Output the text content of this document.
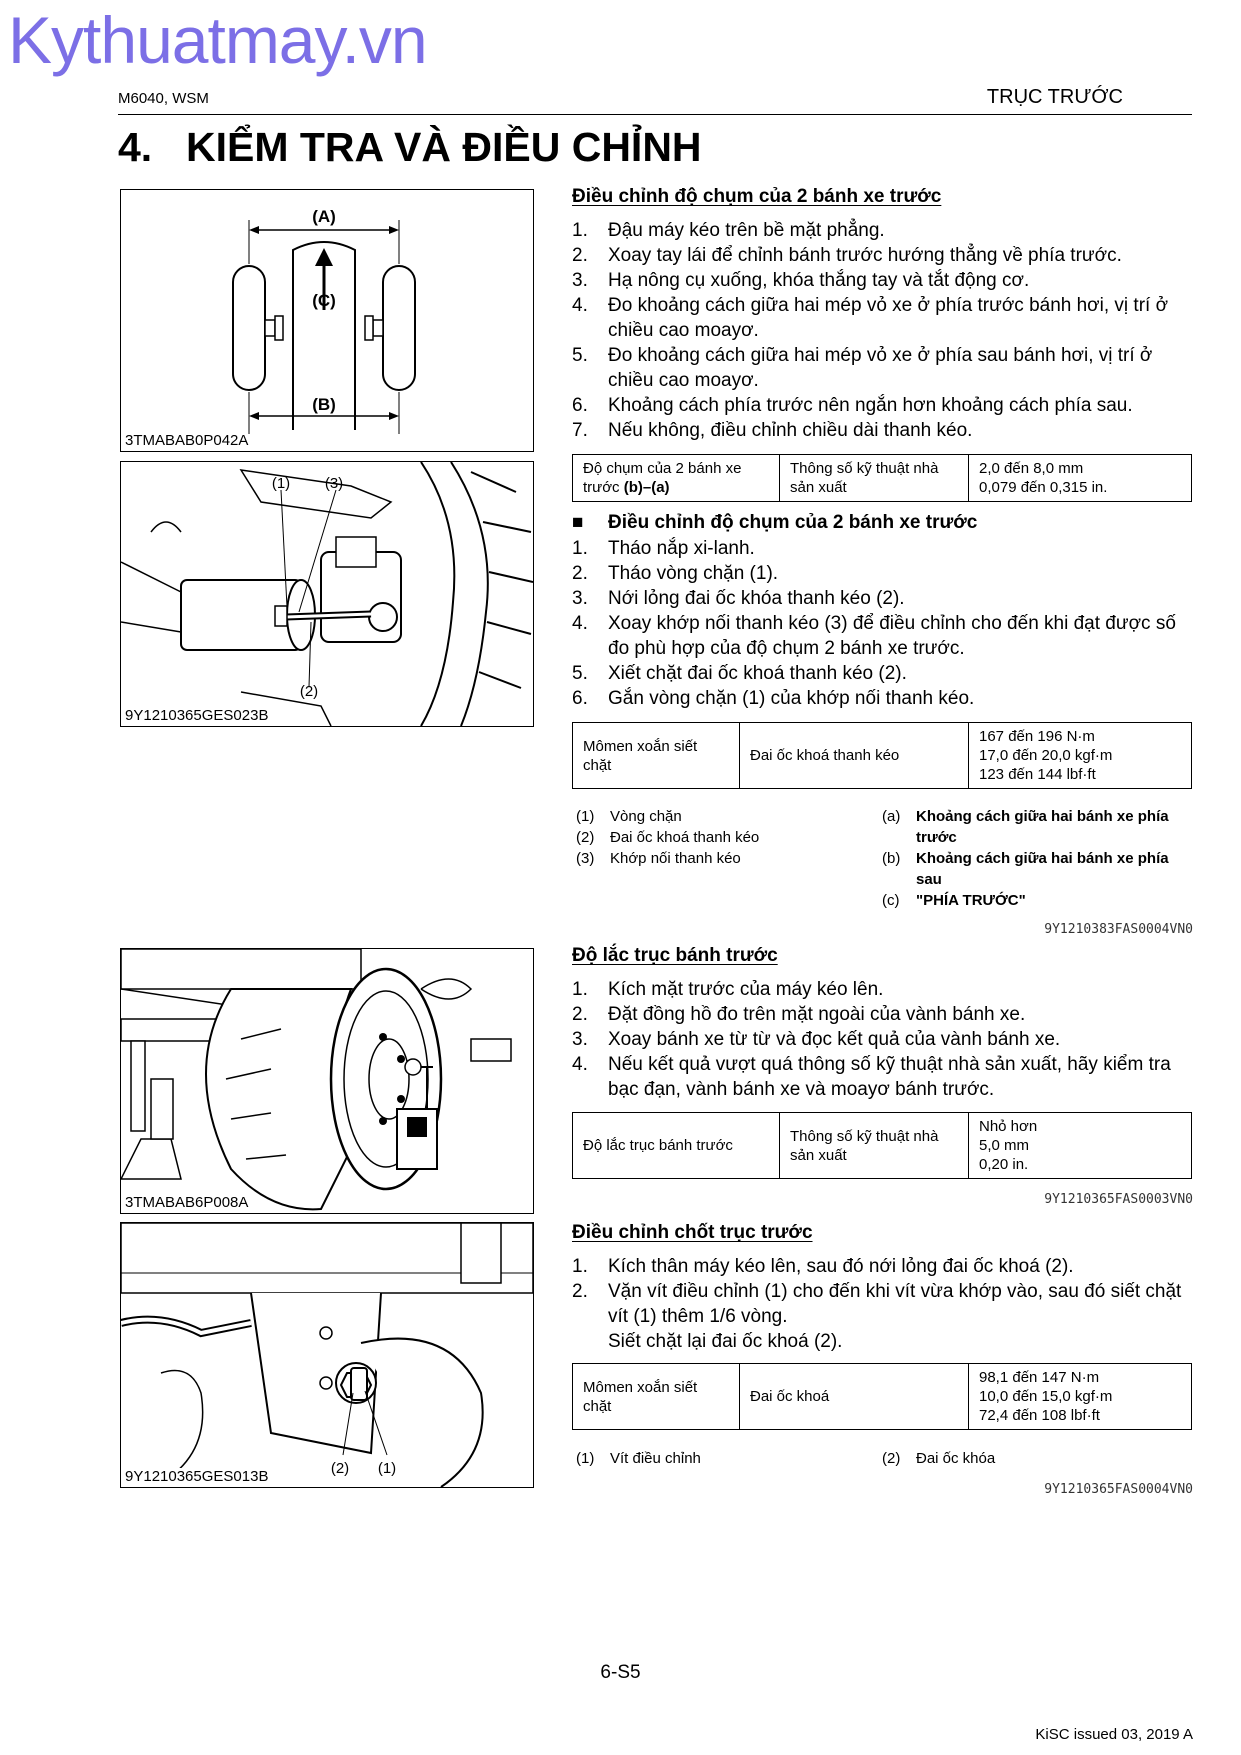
Kythuatmay.vn
M6040, WSM	TRỤC TRƯỚC
4. KIỂM TRA VÀ ĐIỀU CHỈNH
(A)
(C)
(B)
3TMABAB0P042A
(1) (3)
(2)
9Y1210365GES023B
3TMABAB6P008A
(2) (1)
9Y1210365GES013B
Điều chỉnh độ chụm của 2 bánh xe trước
1.	Đậu máy kéo trên bề mặt phẳng.
2.	Xoay tay lái để chỉnh bánh trước hướng thẳng về phía trước.
3.	Hạ nông cụ xuống, khóa thắng tay và tắt động cơ.
4.	Đo khoảng cách giữa hai mép vỏ xe ở phía trước bánh hơi, vị trí ở chiều cao moayơ.
5.	Đo khoảng cách giữa hai mép vỏ xe ở phía sau bánh hơi, vị trí ở chiều cao moayơ.
6.	Khoảng cách phía trước nên ngắn hơn khoảng cách phía sau.
7.	Nếu không, điều chỉnh chiều dài thanh kéo.
Độ chụm của 2 bánh xe trước (b)–(a)	Thông số kỹ thuật nhà sản xuất	2,0 đến 8,0 mm
0,079 đến 0,315 in.
■	Điều chỉnh độ chụm của 2 bánh xe trước
1.	Tháo nắp xi-lanh.
2.	Tháo vòng chặn (1).
3.	Nới lỏng đai ốc khóa thanh kéo (2).
4.	Xoay khớp nối thanh kéo (3) để điều chỉnh cho đến khi đạt được số đo phù hợp của độ chụm 2 bánh xe trước.
5.	Xiết chặt đai ốc khoá thanh kéo (2).
6.	Gắn vòng chặn (1) của khớp nối thanh kéo.
Mômen xoắn siết chặt	Đai ốc khoá thanh kéo	167 đến 196 N·m
17,0 đến 20,0 kgf·m
123 đến 144 lbf·ft
(1)	Vòng chặn
(2)	Đai ốc khoá thanh kéo
(3)	Khớp nối thanh kéo
(a)	Khoảng cách giữa hai bánh xe phía trước
(b)	Khoảng cách giữa hai bánh xe phía sau
(c)	"PHÍA TRƯỚC"
9Y1210383FAS0004VN0
Độ lắc trục bánh trước
1.	Kích mặt trước của máy kéo lên.
2.	Đặt đồng hồ đo trên mặt ngoài của vành bánh xe.
3.	Xoay bánh xe từ từ và đọc kết quả của vành bánh xe.
4.	Nếu kết quả vượt quá thông số kỹ thuật nhà sản xuất, hãy kiểm tra bạc đạn, vành bánh xe và moayơ bánh trước.
Độ lắc trục bánh trước	Thông số kỹ thuật nhà sản xuất	Nhỏ hơn
5,0 mm
0,20 in.
9Y1210365FAS0003VN0
Điều chỉnh chốt trục trước
1.	Kích thân máy kéo lên, sau đó nới lỏng đai ốc khoá (2).
2.	Vặn vít điều chỉnh (1) cho đến khi vít vừa khớp vào, sau đó siết chặt vít (1) thêm 1/6 vòng.
Siết chặt lại đai ốc khoá (2).
Mômen xoắn siết chặt	Đai ốc khoá	98,1 đến 147 N·m
10,0 đến 15,0 kgf·m
72,4 đến 108 lbf·ft
(1)	Vít điều chỉnh	(2)	Đai ốc khóa
9Y1210365FAS0004VN0
6-S5
KiSC issued 03, 2019 A
